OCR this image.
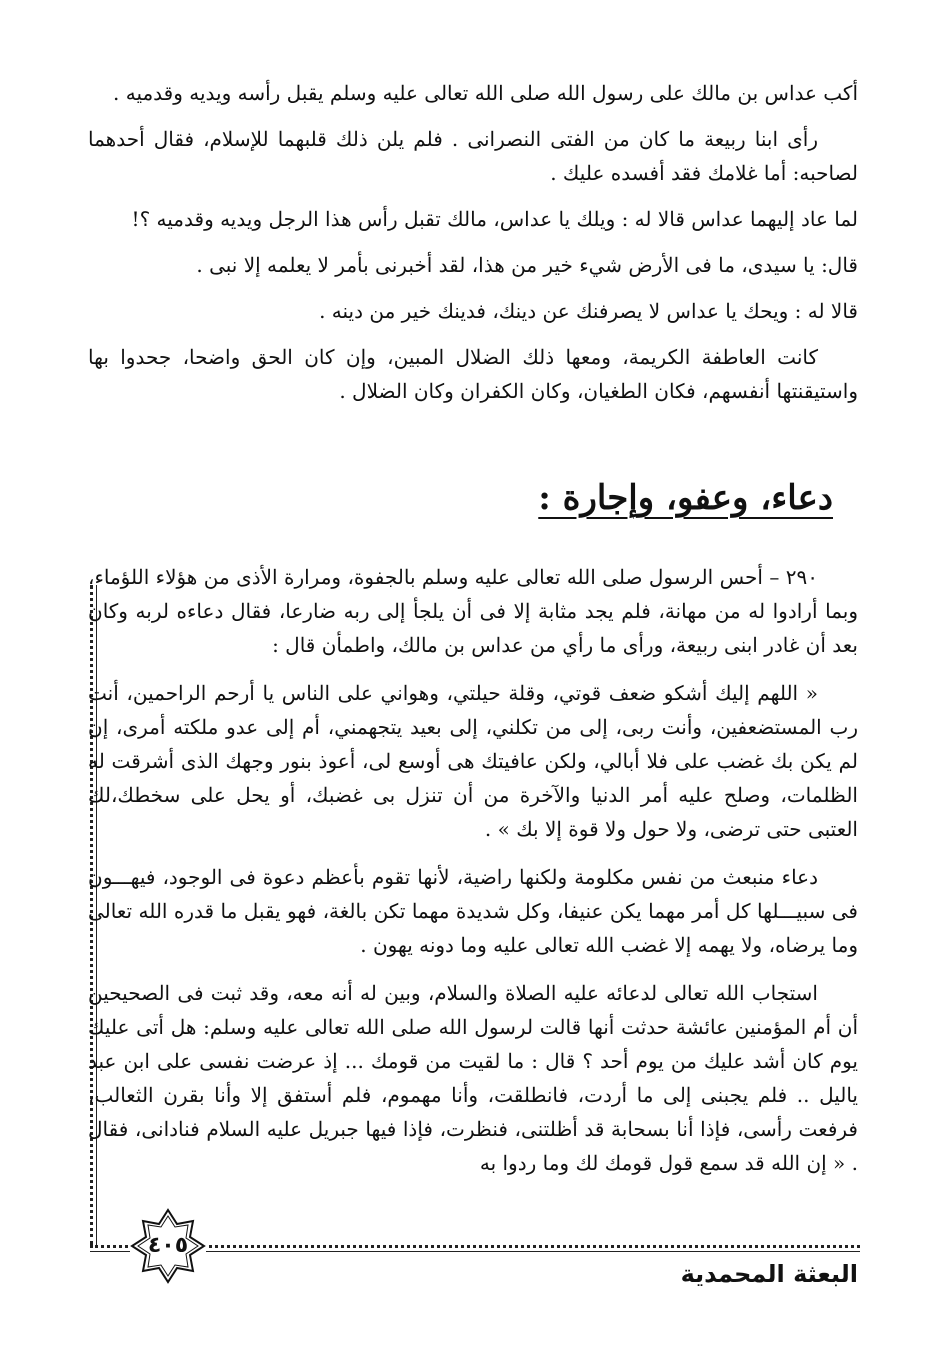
أكب عداس بن مالك على رسول الله صلى الله تعالى عليه وسلم يقبل رأسه ويديه وقدميه .

رأى ابنا ربيعة ما كان من الفتى النصرانى . فلم يلن ذلك قلبهما للإسلام، فقال أحدهما لصاحبه: أما غلامك فقد أفسده عليك .

لما عاد إليهما عداس قالا له : ويلك يا عداس، مالك تقبل رأس هذا الرجل ويديه وقدميه ؟!

قال: يا سيدى، ما فى الأرض شيء خير من هذا، لقد أخبرنى بأمر لا يعلمه إلا نبى .

قالا له : ويحك يا عداس لا يصرفنك عن دينك، فدينك خير من دينه .

كانت العاطفة الكريمة، ومعها ذلك الضلال المبين، وإن كان الحق واضحا، جحدوا بها واستيقنتها أنفسهم، فكان الطغيان، وكان الكفران وكان الضلال .

دعاء، وعفو، وإجارة :

٢٩٠ – أحس الرسول صلى الله تعالى عليه وسلم بالجفوة، ومرارة الأذى من هؤلاء اللؤماء، وبما أرادوا له من مهانة، فلم يجد مثابة إلا فى أن يلجأ إلى ربه ضارعا، فقال دعاءه لربه وكان بعد أن غادر ابنى ربيعة، ورأى ما رأي من عداس بن مالك، واطمأن قال :

« اللهم إليك أشكو ضعف قوتي، وقلة حيلتي، وهواني على الناس يا أرحم الراحمين، أنت رب المستضعفين، وأنت ربى، إلى من تكلني، إلى بعيد يتجهمني، أم إلى عدو ملكته أمرى، إن لم يكن بك غضب على فلا أبالي، ولكن عافيتك هى أوسع لى، أعوذ بنور وجهك الذى أشرقت له الظلمات، وصلح عليه أمر الدنيا والآخرة من أن تنزل بى غضبك، أو يحل على سخطك،لك العتبى حتى ترضى، ولا حول ولا قوة إلا بك » .

دعاء منبعث من نفس مكلومة ولكنها راضية، لأنها تقوم بأعظم دعوة فى الوجود، فيهـــون فى سبيـــلها كل أمر مهما يكن عنيفا، وكل شديدة مهما تكن بالغة، فهو يقبل ما قدره الله تعالى وما يرضاه، ولا يهمه إلا غضب الله تعالى عليه وما دونه يهون .

استجاب الله تعالى لدعائه عليه الصلاة والسلام، وبين له أنه معه، وقد ثبت فى الصحيحين أن أم المؤمنين عائشة حدثت أنها قالت لرسول الله صلى الله تعالى عليه وسلم: هل أتى عليك يوم كان أشد عليك من يوم أحد ؟ قال : ما لقيت من قومك ... إذ عرضت نفسى على ابن عبد ياليل .. فلم يجبنى إلى ما أردت، فانطلقت، وأنا مهموم، فلم أستفق إلا وأنا بقرن الثعالب، فرفعت رأسى، فإذا أنا بسحابة قد أظلتنى، فنظرت، فإذا فيها جبريل عليه السلام فنادانى، فقال . « إن الله قد سمع قول قومك لك وما ردوا به

٤٠٥
البعثة المحمدية
